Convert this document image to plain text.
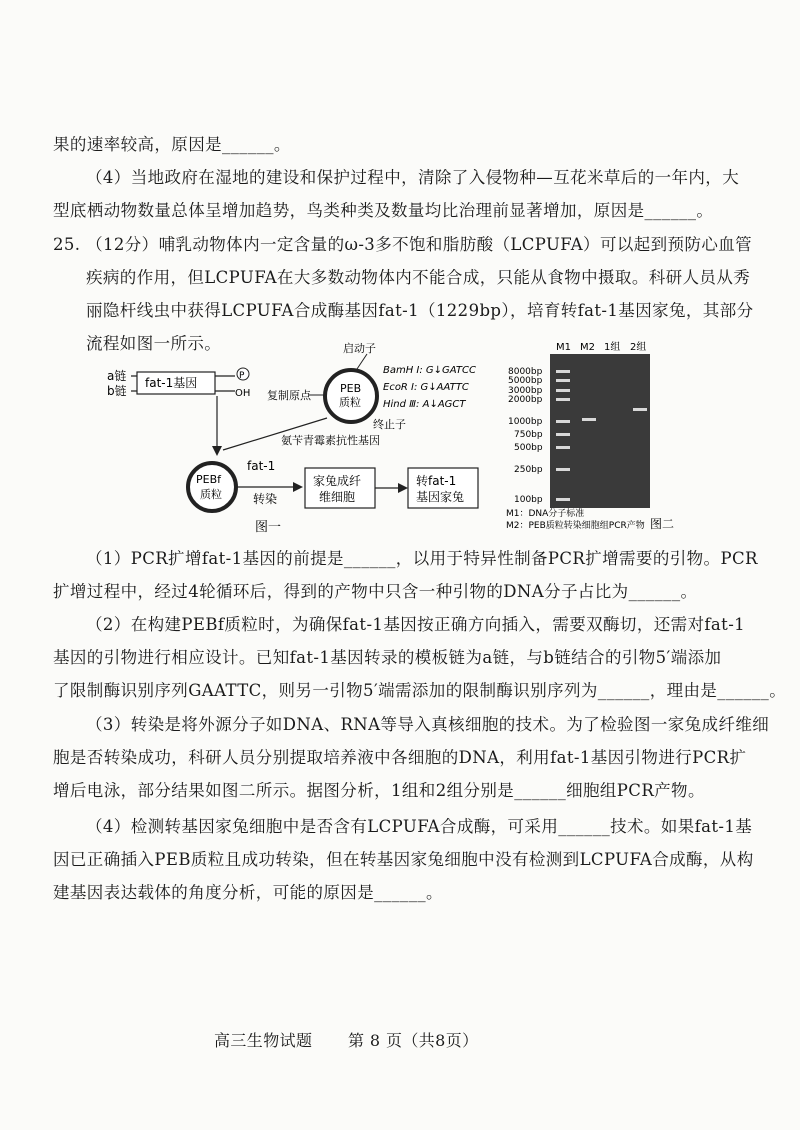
果的速率较高，原因是______。
（4）当地政府在湿地的建设和保护过程中，清除了入侵物种—互花米草后的一年内，大
型底栖动物数量总体呈增加趋势，鸟类种类及数量均比治理前显著增加，原因是______。
25. （12分）哺乳动物体内一定含量的ω-3多不饱和脂肪酸（LCPUFA）可以起到预防心血管
疾病的作用，但LCPUFA在大多数动物体内不能合成，只能从食物中摄取。科研人员从秀
丽隐杆线虫中获得LCPUFA合成酶基因fat-1（1229bp），培育转fat-1基因家兔，其部分
流程如图一所示。
a链
b链
fat-1基因	P
OH	PEB
质粒
启动子
复制原点
终止子
氨苄青霉素抗性基因
BamH Ⅰ: G↓GATCC
EcoR Ⅰ: G↓AATTC
Hind Ⅲ: A↓AGCT
PEBf
质粒
fat-1
转染
家兔成纤
维细胞
转fat-1
基因家兔
图一
M1 M2 1组 2组
8000bp
5000bp
3000bp
2000bp
1000bp
750bp
500bp
250bp
100bp
M1：DNA分子标准
M2：PEB质粒转染细胞组PCR产物 图二
（1）PCR扩增fat-1基因的前提是______，以用于特异性制备PCR扩增需要的引物。PCR
扩增过程中，经过4轮循环后，得到的产物中只含一种引物的DNA分子占比为______。
（2）在构建PEBf质粒时，为确保fat-1基因按正确方向插入，需要双酶切，还需对fat-1
基因的引物进行相应设计。已知fat-1基因转录的模板链为a链，与b链结合的引物5′端添加
了限制酶识别序列GAATTC，则另一引物5′端需添加的限制酶识别序列为______，理由是______。
（3）转染是将外源分子如DNA、RNA等导入真核细胞的技术。为了检验图一家兔成纤维细
胞是否转染成功，科研人员分别提取培养液中各细胞的DNA，利用fat-1基因引物进行PCR扩
增后电泳，部分结果如图二所示。据图分析，1组和2组分别是______细胞组PCR产物。
（4）检测转基因家兔细胞中是否含有LCPUFA合成酶，可采用______技术。如果fat-1基
因已正确插入PEB质粒且成功转染，但在转基因家兔细胞中没有检测到LCPUFA合成酶，从构
建基因表达载体的角度分析，可能的原因是______。
高三生物试题 第 8 页（共8页）
